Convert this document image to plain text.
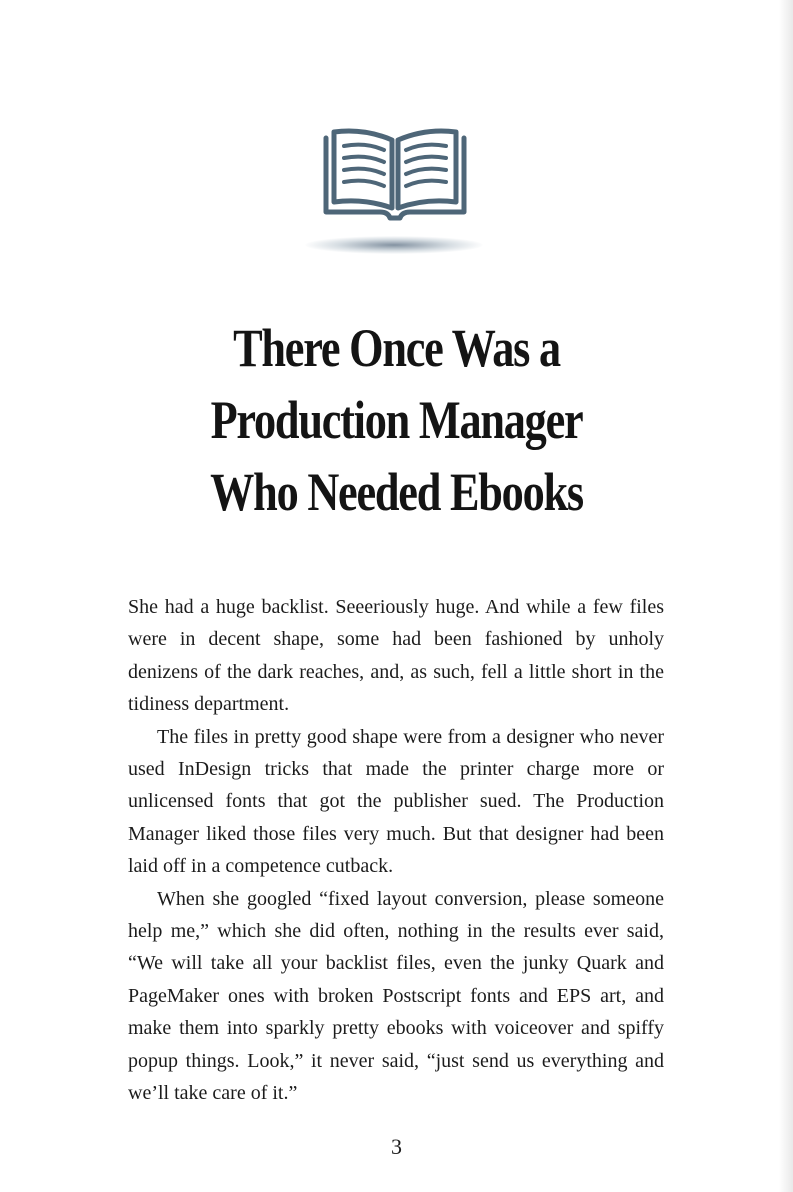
There Once Was a
Production Manager
Who Needed Ebooks

She had a huge backlist. Seeeriously huge. And while a few files were in decent shape, some had been fashioned by unholy denizens of the dark reaches, and, as such, fell a little short in the tidiness department.

The files in pretty good shape were from a designer who never used InDesign tricks that made the printer charge more or unlicensed fonts that got the publisher sued. The Production Manager liked those files very much. But that designer had been laid off in a competence cutback.

When she googled “fixed layout conversion, please someone help me,” which she did often, nothing in the results ever said, “We will take all your backlist files, even the junky Quark and PageMaker ones with broken Postscript fonts and EPS art, and make them into sparkly pretty ebooks with voiceover and spiffy popup things. Look,” it never said, “just send us everything and we’ll take care of it.”

3
